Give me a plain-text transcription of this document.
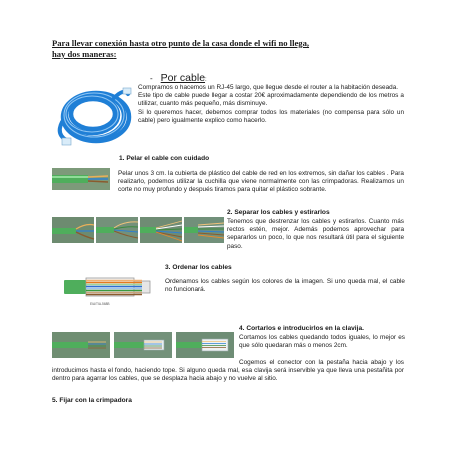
Para llevar conexión hasta otro punto de la casa donde el wifi no llega,
hay dos maneras:
- Por cable:
Compramos o hacemos un RJ-45 largo, que llegue desde el router a la habitación deseada.
Este tipo de cable puede llegar a costar 20€ aproximadamente dependiendo de los metros a utilizar, cuanto más pequeño, más disminuye.
Si lo queremos hacer, debemos comprar todos los materiales (no compensa para sólo un cable) pero igualmente explico como hacerlo.
1. Pelar el cable con cuidado
Pelar unos 3 cm. la cubierta de plástico del cable de red en los extremos, sin dañar los cables . Para realizarlo, podemos utilizar la cuchilla que viene normalmente con las crimpadoras. Realizamos un corte no muy profundo y después tiramos para quitar el plástico sobrante.
2. Separar los cables y estirarlos
Tenemos que destrenzar los cables y estirarlos. Cuanto más rectos estén, mejor. Además podemos aprovechar para separarlos un poco, lo que nos resultará útil para el siguiente paso.
3. Ordenar los cables
EIA/TIA-568B
Ordenamos los cables según los colores de la imagen. Si uno queda mal, el cable no funcionará.
4. Cortarlos e introducirlos en la clavija.
Cortamos los cables quedando todos iguales, lo mejor es que sólo quedaran más o menos 2cm.
Cogemos el conector con la pestaña hacia abajo y los introducimos hasta el fondo, haciendo tope. Si alguno queda mal, esa clavija será inservible ya que lleva una pestañita por dentro para agarrar los cables, que se desplaza hacia abajo y no vuelve al sitio.
5. Fijar con la crimpadora
